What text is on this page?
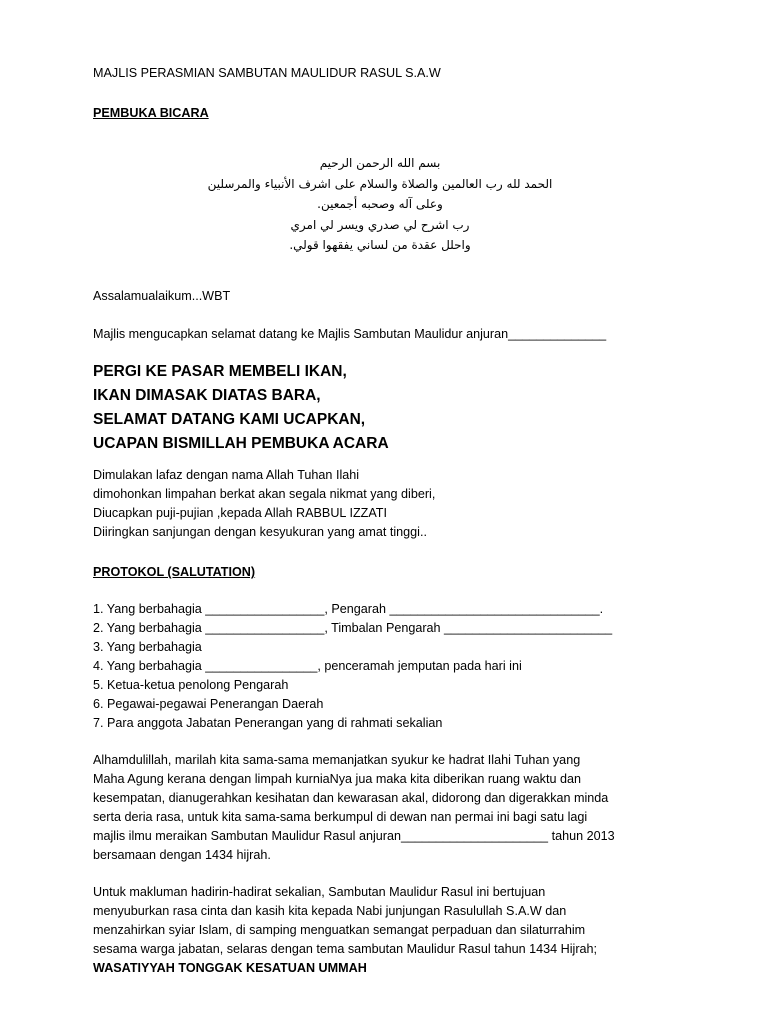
MAJLIS PERASMIAN SAMBUTAN MAULIDUR RASUL S.A.W

PEMBUKA BICARA

بسم الله الرحمن الرحيم

الحمد لله رب العالمين والصلاة والسلام على اشرف الأنبياء والمرسلين

وعلى آله وصحبه أجمعين.

رب اشرح لي صدري ويسر لي امري

واحلل عقدة من لساني يفقهوا قولي.

Assalamualaikum...WBT

Majlis mengucapkan selamat datang ke Majlis Sambutan Maulidur anjuran______________

PERGI KE PASAR MEMBELI IKAN,

IKAN DIMASAK DIATAS BARA,

SELAMAT DATANG KAMI UCAPKAN,

UCAPAN BISMILLAH PEMBUKA ACARA

Dimulakan lafaz dengan nama Allah Tuhan Ilahi

dimohonkan limpahan berkat akan segala nikmat yang diberi,

Diucapkan puji-pujian ,kepada Allah RABBUL IZZATI

Diiringkan sanjungan dengan kesyukuran yang amat tinggi..

PROTOKOL (SALUTATION)

1. Yang berbahagia _________________, Pengarah ______________________________.

2. Yang berbahagia _________________, Timbalan Pengarah ________________________

3. Yang berbahagia

4. Yang berbahagia ________________, penceramah jemputan pada hari ini

5. Ketua-ketua penolong Pengarah

6. Pegawai-pegawai Penerangan Daerah

7. Para anggota Jabatan Penerangan yang di rahmati sekalian

Alhamdulillah, marilah kita sama-sama memanjatkan syukur ke hadrat Ilahi Tuhan yang

Maha Agung kerana dengan limpah kurniaNya jua maka kita diberikan ruang waktu dan

kesempatan, dianugerahkan kesihatan dan kewarasan akal, didorong dan digerakkan minda

serta deria rasa, untuk kita sama-sama berkumpul di dewan nan permai ini bagi satu lagi

majlis ilmu meraikan Sambutan Maulidur Rasul anjuran_____________________ tahun 2013

bersamaan dengan 1434 hijrah.

Untuk makluman hadirin-hadirat sekalian, Sambutan Maulidur Rasul ini bertujuan

menyuburkan rasa cinta dan kasih kita kepada Nabi junjungan Rasulullah S.A.W dan

menzahirkan syiar Islam, di samping menguatkan semangat perpaduan dan silaturrahim

sesama warga jabatan, selaras dengan tema sambutan Maulidur Rasul tahun 1434 Hijrah;

WASATIYYAH TONGGAK KESATUAN UMMAH
